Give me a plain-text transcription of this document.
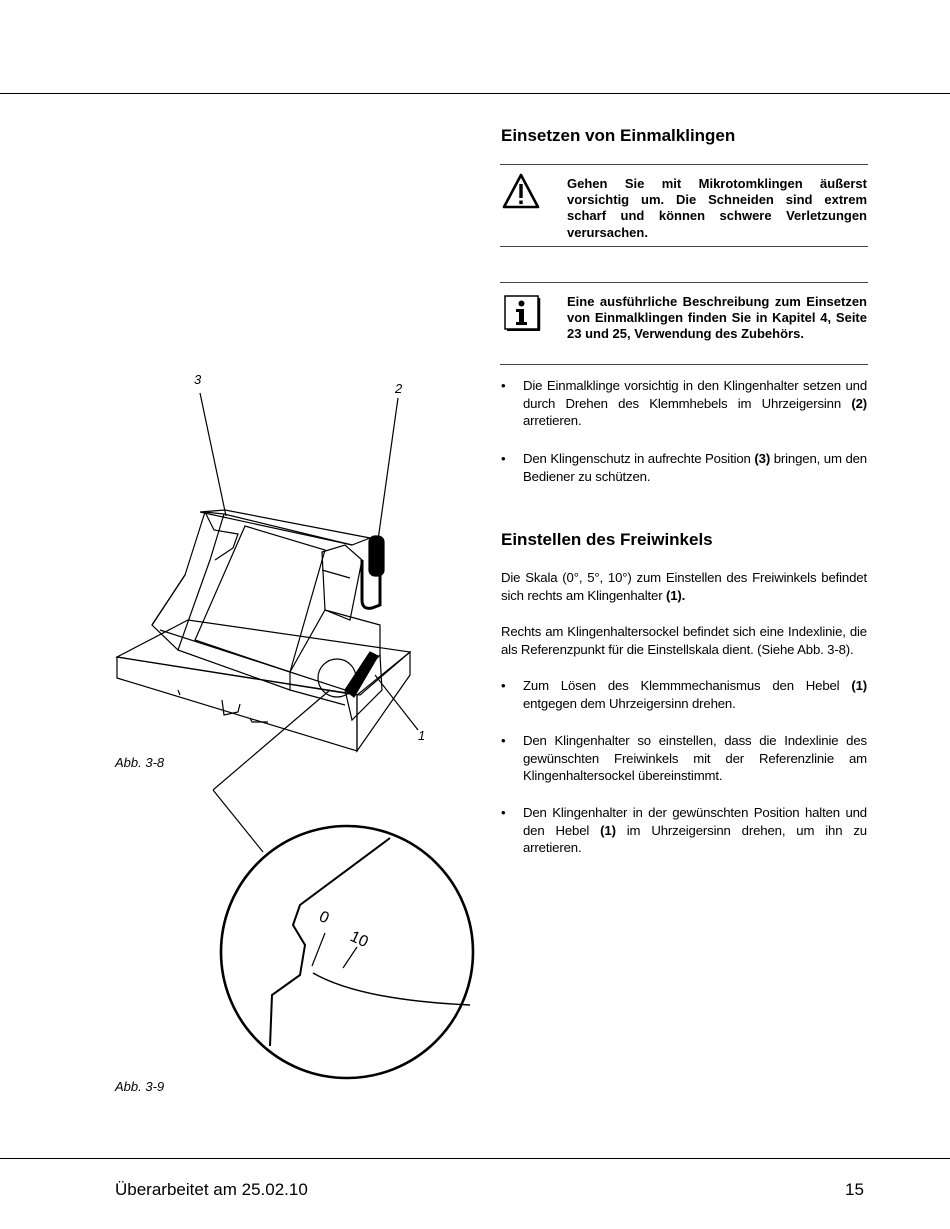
Einsetzen von Einmalklingen
Gehen Sie mit Mikrotomklingen äußerst vorsichtig um. Die Schneiden sind extrem scharf und können schwere Verletzungen verursachen.
Eine ausführliche Beschreibung zum Einsetzen von Einmalklingen finden Sie in Kapitel 4, Seite 23 und 25, Verwendung des Zubehörs.
• Die Einmalklinge vorsichtig in den Klingenhalter setzen und durch Drehen des Klemmhebels im Uhrzeigersinn (2) arretieren.
• Den Klingenschutz in aufrechte Position (3) bringen, um den Bediener zu schützen.
Einstellen des Freiwinkels
Die Skala (0°, 5°, 10°) zum Einstellen des Freiwinkels befindet sich rechts am Klingenhalter (1).
Rechts am Klingenhaltersockel befindet sich eine Indexlinie, die als Referenzpunkt für die Einstellskala dient. (Siehe Abb. 3-8).
• Zum Lösen des Klemmmechanismus den Hebel (1) entgegen dem Uhrzeigersinn drehen.
• Den Klingenhalter so einstellen, dass die Indexlinie des gewünschten Freiwinkels mit der Referenzlinie am Klingenhaltersockel übereinstimmt.
• Den Klingenhalter in der gewünschten Position halten und den Hebel (1) im Uhrzeigersinn drehen, um ihn zu arretieren.
3
2
1
Abb. 3-8
0
10
Abb. 3-9
Überarbeitet am 25.02.10	15
